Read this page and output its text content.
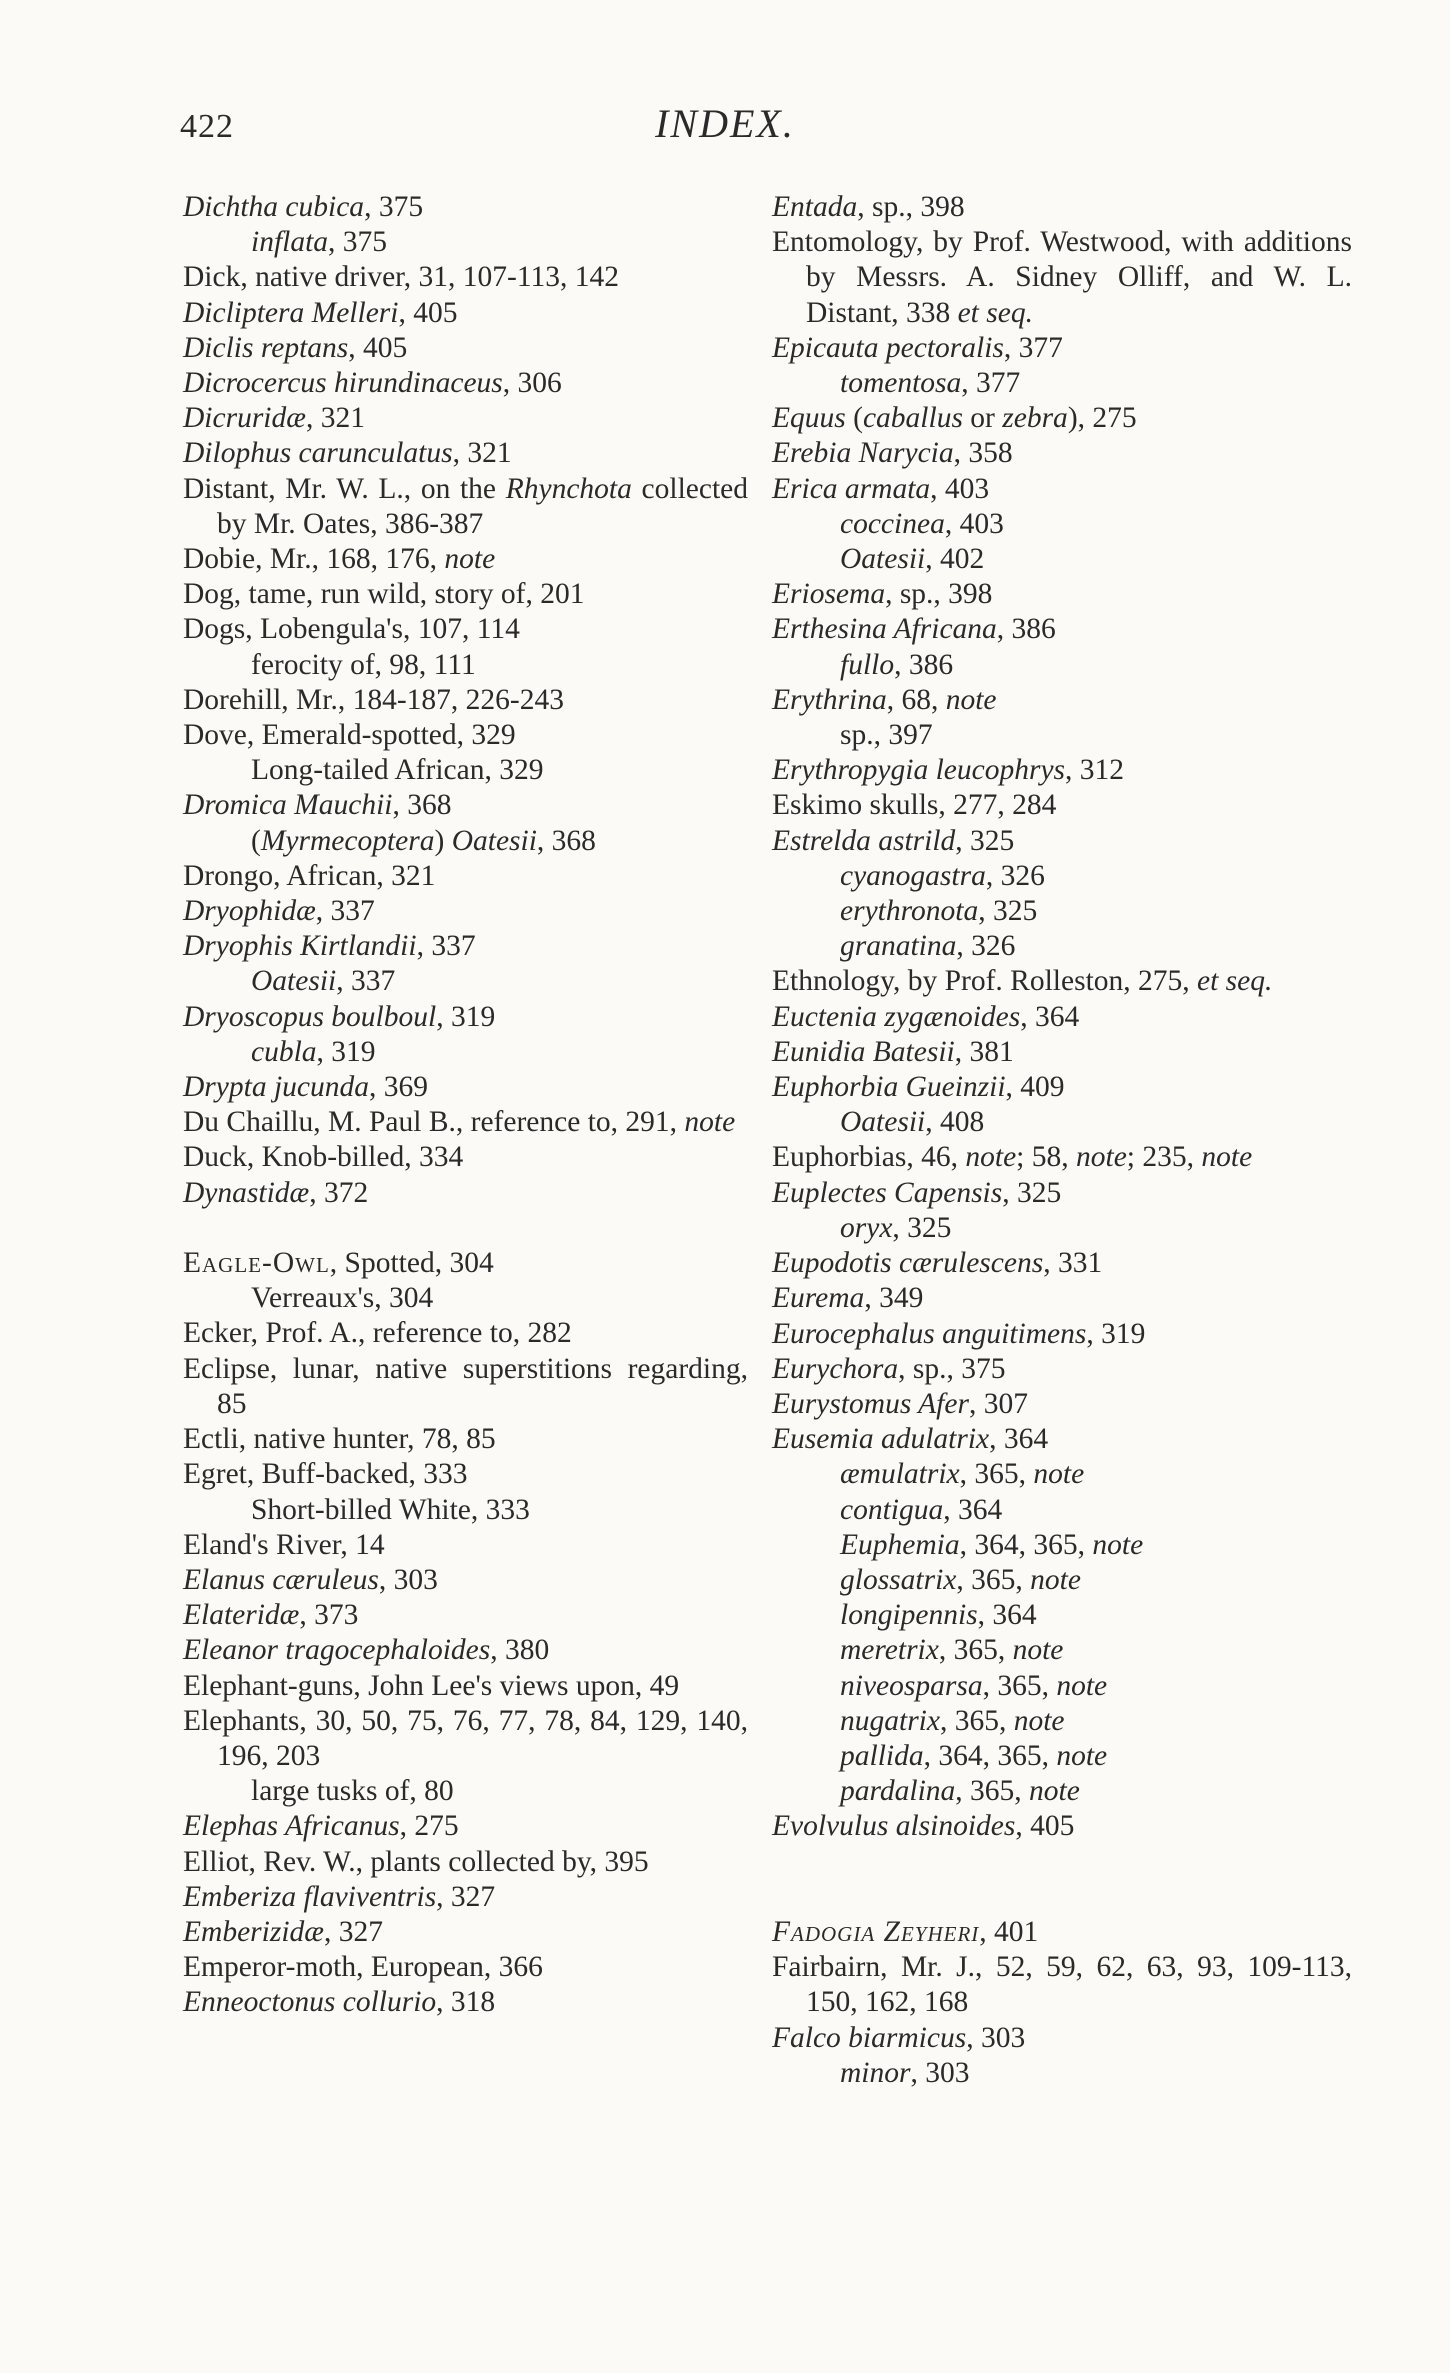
422	INDEX.
Dichtha cubica, 375
inflata, 375
Dick, native driver, 31, 107-113, 142
Dicliptera Melleri, 405
Diclis reptans, 405
Dicrocercus hirundinaceus, 306
Dicruridæ, 321
Dilophus carunculatus, 321
Distant, Mr. W. L., on the Rhynchota collected by Mr. Oates, 386-387
Dobie, Mr., 168, 176, note
Dog, tame, run wild, story of, 201
Dogs, Lobengula's, 107, 114
ferocity of, 98, 111
Dorehill, Mr., 184-187, 226-243
Dove, Emerald-spotted, 329
Long-tailed African, 329
Dromica Mauchii, 368
(Myrmecoptera) Oatesii, 368
Drongo, African, 321
Dryophidæ, 337
Dryophis Kirtlandii, 337
Oatesii, 337
Dryoscopus boulboul, 319
cubla, 319
Drypta jucunda, 369
Du Chaillu, M. Paul B., reference to, 291, note
Duck, Knob-billed, 334
Dynastidæ, 372
Eagle-Owl, Spotted, 304
Verreaux's, 304
Ecker, Prof. A., reference to, 282
Eclipse, lunar, native superstitions regarding, 85
Ectli, native hunter, 78, 85
Egret, Buff-backed, 333
Short-billed White, 333
Eland's River, 14
Elanus cæruleus, 303
Elateridæ, 373
Eleanor tragocephaloides, 380
Elephant-guns, John Lee's views upon, 49
Elephants, 30, 50, 75, 76, 77, 78, 84, 129, 140, 196, 203
large tusks of, 80
Elephas Africanus, 275
Elliot, Rev. W., plants collected by, 395
Emberiza flaviventris, 327
Emberizidæ, 327
Emperor-moth, European, 366
Enneoctonus collurio, 318
Entada, sp., 398
Entomology, by Prof. Westwood, with additions by Messrs. A. Sidney Olliff, and W. L. Distant, 338 et seq.
Epicauta pectoralis, 377
tomentosa, 377
Equus (caballus or zebra), 275
Erebia Narycia, 358
Erica armata, 403
coccinea, 403
Oatesii, 402
Eriosema, sp., 398
Erthesina Africana, 386
fullo, 386
Erythrina, 68, note
sp., 397
Erythropygia leucophrys, 312
Eskimo skulls, 277, 284
Estrelda astrild, 325
cyanogastra, 326
erythronota, 325
granatina, 326
Ethnology, by Prof. Rolleston, 275, et seq.
Euctenia zygænoides, 364
Eunidia Batesii, 381
Euphorbia Gueinzii, 409
Oatesii, 408
Euphorbias, 46, note; 58, note; 235, note
Euplectes Capensis, 325
oryx, 325
Eupodotis cærulescens, 331
Eurema, 349
Eurocephalus anguitimens, 319
Eurychora, sp., 375
Eurystomus Afer, 307
Eusemia adulatrix, 364
æmulatrix, 365, note
contigua, 364
Euphemia, 364, 365, note
glossatrix, 365, note
longipennis, 364
meretrix, 365, note
niveosparsa, 365, note
nugatrix, 365, note
pallida, 364, 365, note
pardalina, 365, note
Evolvulus alsinoides, 405
Fadogia Zeyheri, 401
Fairbairn, Mr. J., 52, 59, 62, 63, 93, 109-113, 150, 162, 168
Falco biarmicus, 303
minor, 303
